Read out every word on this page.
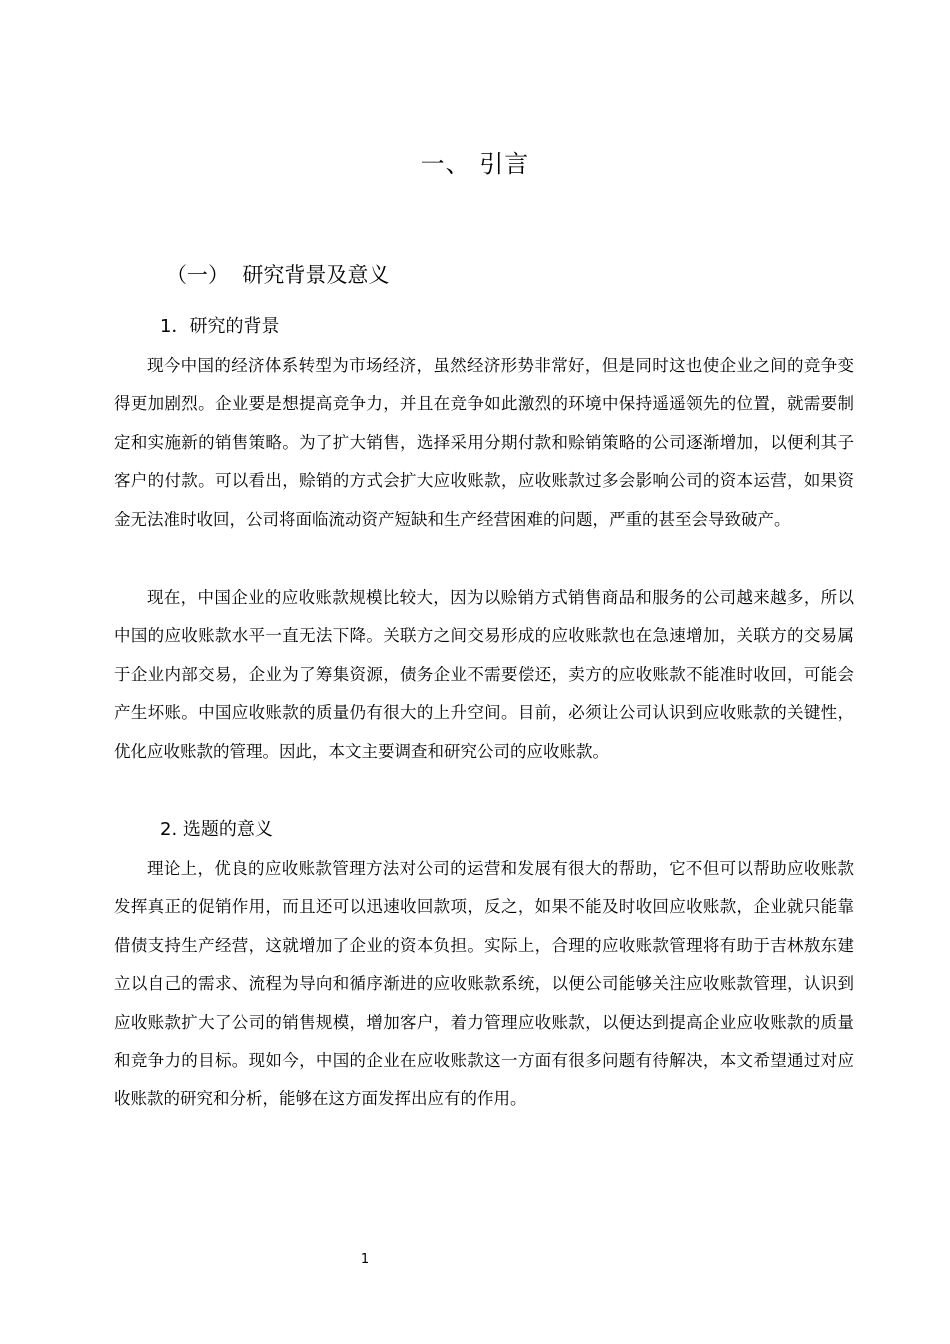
一、 引言
（一）  研究背景及意义
1．研究的背景

现今中国的经济体系转型为市场经济，虽然经济形势非常好，但是同时这也使企业之间的竞争变得更加剧烈。企业要是想提高竞争力，并且在竞争如此激烈的环境中保持遥遥领先的位置，就需要制定和实施新的销售策略。为了扩大销售，选择采用分期付款和赊销策略的公司逐渐增加，以便利其子客户的付款。可以看出，赊销的方式会扩大应收账款，应收账款过多会影响公司的资本运营，如果资金无法准时收回，公司将面临流动资产短缺和生产经营困难的问题，严重的甚至会导致破产。

现在，中国企业的应收账款规模比较大，因为以赊销方式销售商品和服务的公司越来越多，所以中国的应收账款水平一直无法下降。关联方之间交易形成的应收账款也在急速增加，关联方的交易属于企业内部交易，企业为了筹集资源，债务企业不需要偿还，卖方的应收账款不能准时收回，可能会产生坏账。中国应收账款的质量仍有很大的上升空间。目前，必须让公司认识到应收账款的关键性，优化应收账款的管理。因此，本文主要调查和研究公司的应收账款。

2. 选题的意义

理论上，优良的应收账款管理方法对公司的运营和发展有很大的帮助，它不但可以帮助应收账款发挥真正的促销作用，而且还可以迅速收回款项，反之，如果不能及时收回应收账款，企业就只能靠借债支持生产经营，这就增加了企业的资本负担。实际上，合理的应收账款管理将有助于吉林敖东建立以自己的需求、流程为导向和循序渐进的应收账款系统，以便公司能够关注应收账款管理，认识到应收账款扩大了公司的销售规模，增加客户，着力管理应收账款，以便达到提高企业应收账款的质量和竞争力的目标。现如今，中国的企业在应收账款这一方面有很多问题有待解决，本文希望通过对应收账款的研究和分析，能够在这方面发挥出应有的作用。

1
